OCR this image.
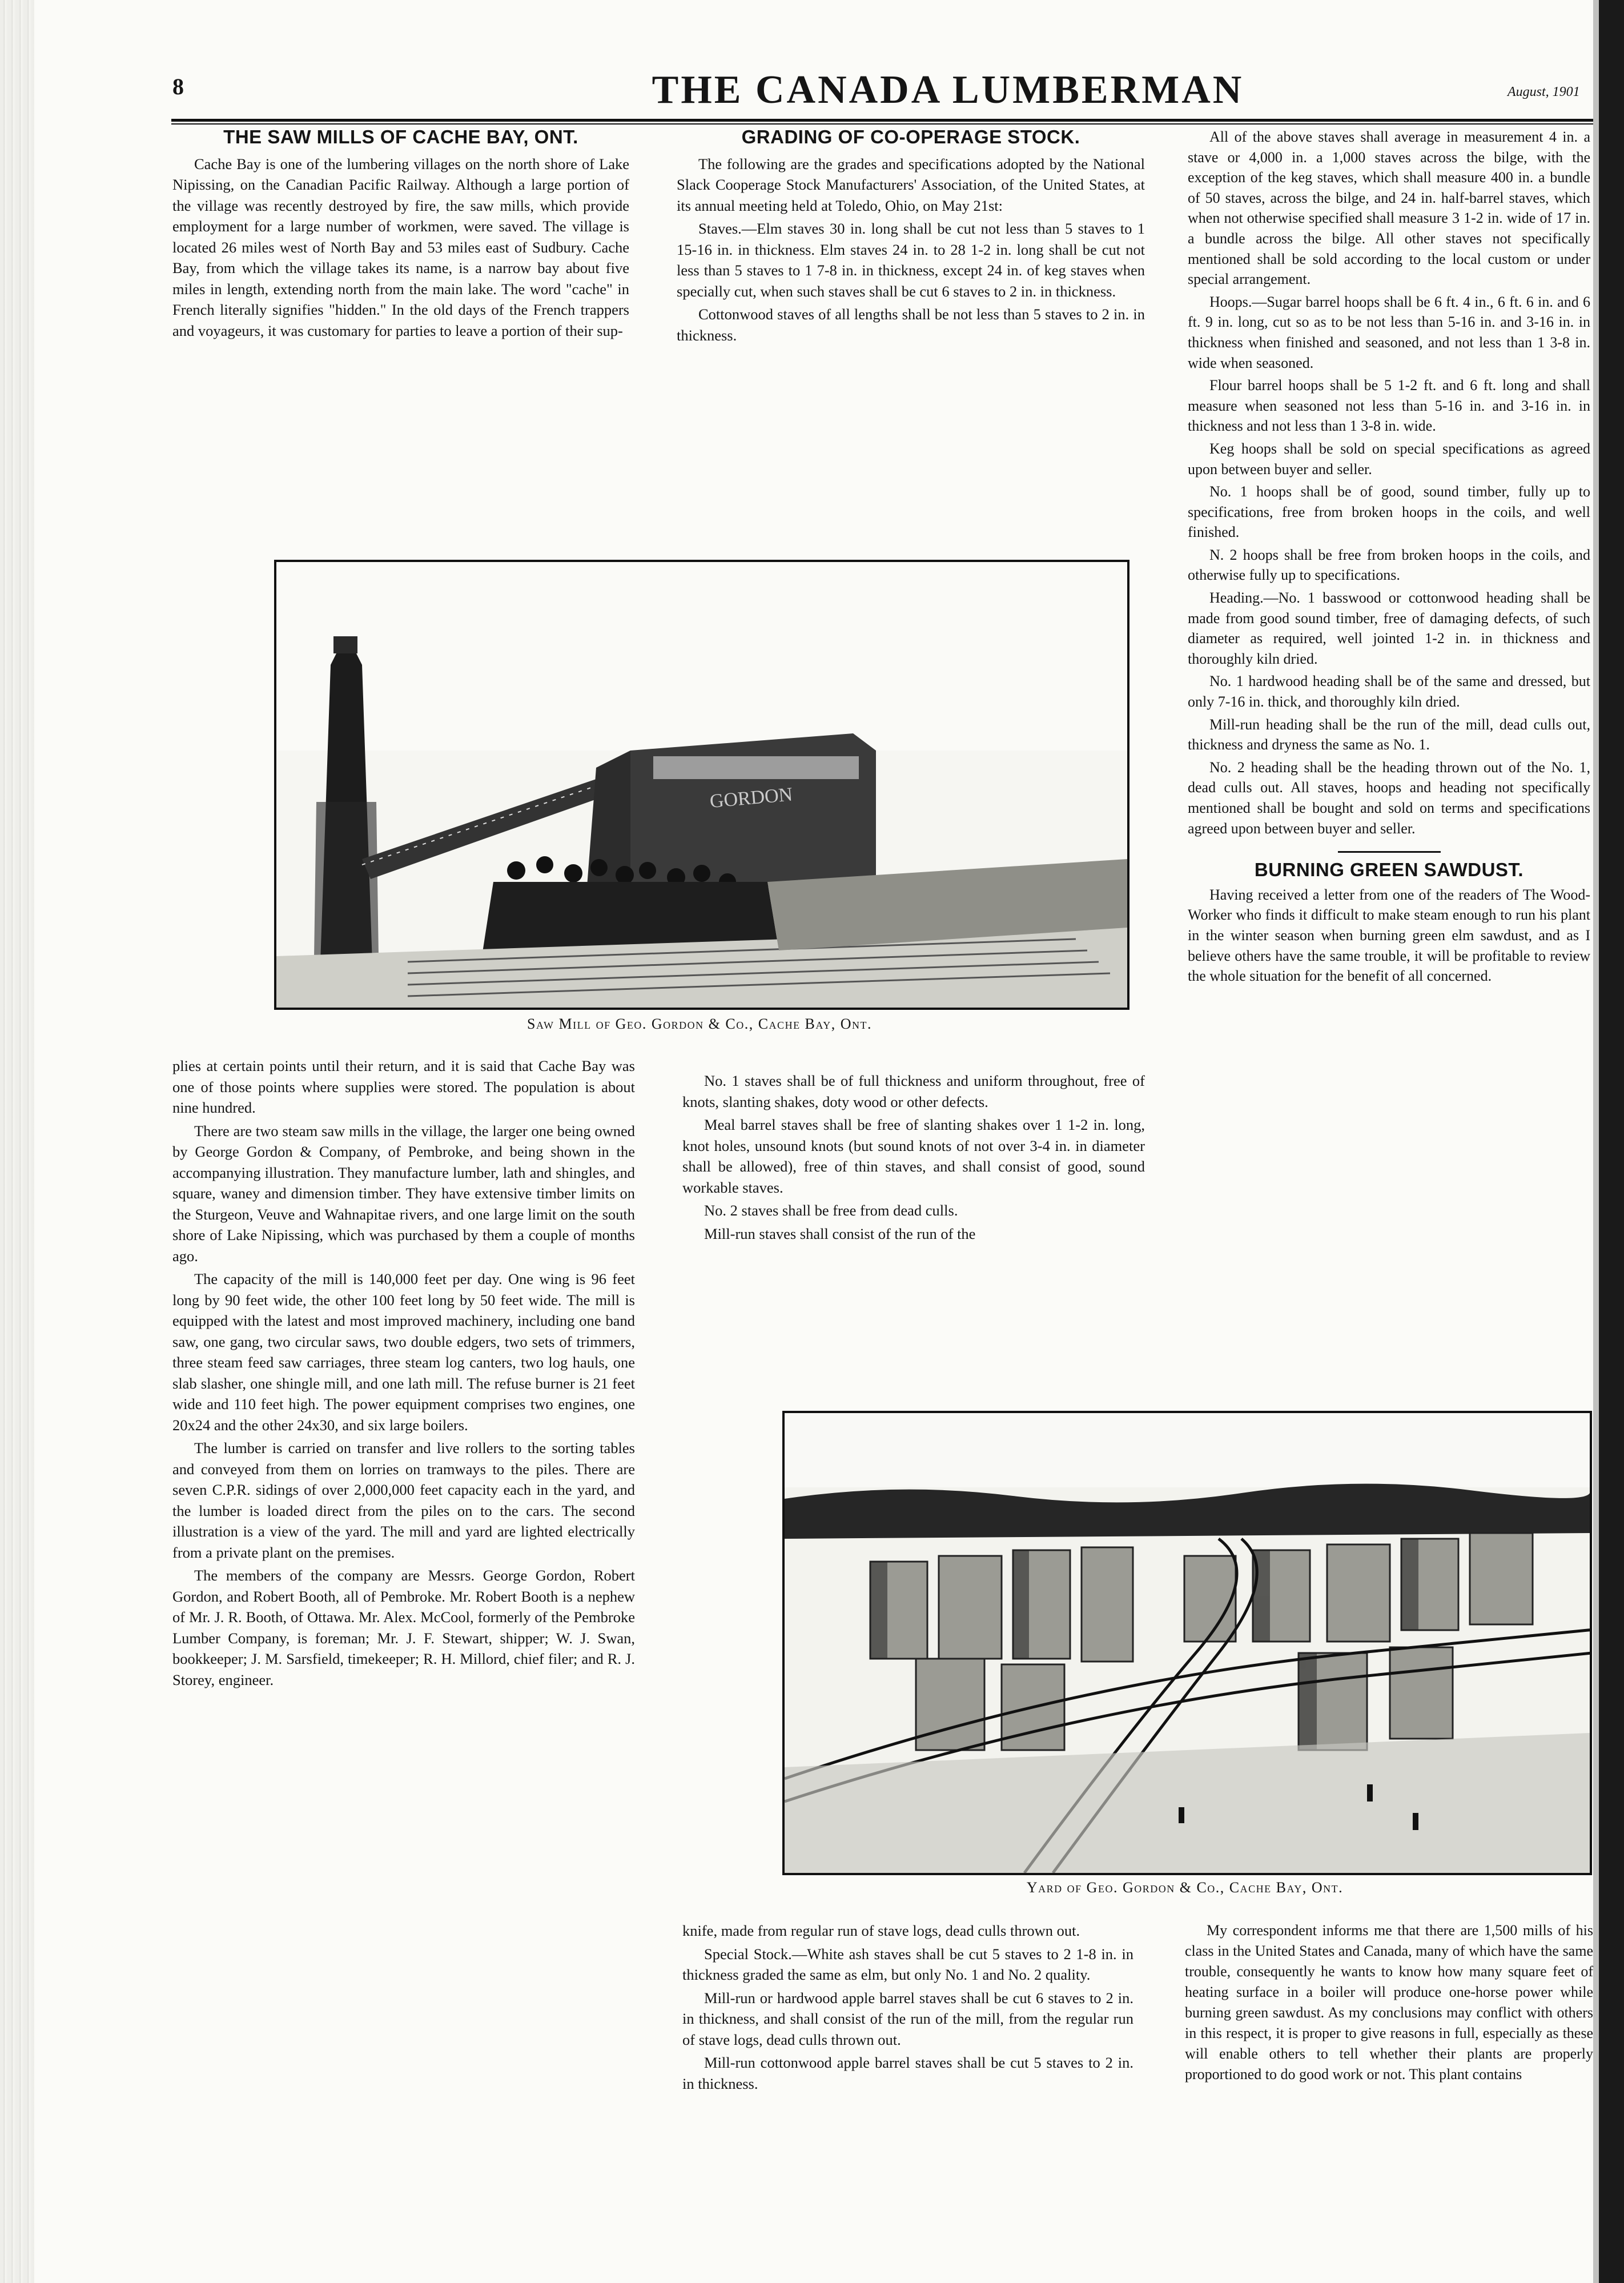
8	THE CANADA LUMBERMAN	August, 1901
THE SAW MILLS OF CACHE BAY, ONT.

Cache Bay is one of the lumbering villages on the north shore of Lake Nipissing, on the Canadian Pacific Railway. Although a large portion of the village was recently destroyed by fire, the saw mills, which provide employment for a large number of workmen, were saved. The village is located 26 miles west of North Bay and 53 miles east of Sudbury. Cache Bay, from which the village takes its name, is a narrow bay about five miles in length, extending north from the main lake. The word "cache" in French literally signifies "hidden." In the old days of the French trappers and voyageurs, it was customary for parties to leave a portion of their sup-

GRADING OF CO-OPERAGE STOCK.

The following are the grades and specifications adopted by the National Slack Cooperage Stock Manufacturers' Association, of the United States, at its annual meeting held at Toledo, Ohio, on May 21st:

Staves.—Elm staves 30 in. long shall be cut not less than 5 staves to 1 15-16 in. in thickness. Elm staves 24 in. to 28 1-2 in. long shall be cut not less than 5 staves to 1 7-8 in. in thickness, except 24 in. of keg staves when specially cut, when such staves shall be cut 6 staves to 2 in. in thickness.

Cottonwood staves of all lengths shall be not less than 5 staves to 2 in. in thickness.

All of the above staves shall average in measurement 4 in. a stave or 4,000 in. a 1,000 staves across the bilge, with the exception of the keg staves, which shall measure 400 in. a bundle of 50 staves, across the bilge, and 24 in. half-barrel staves, which when not otherwise specified shall measure 3 1-2 in. wide of 17 in. a bundle across the bilge. All other staves not specifically mentioned shall be sold according to the local custom or under special arrangement.

Hoops.—Sugar barrel hoops shall be 6 ft. 4 in., 6 ft. 6 in. and 6 ft. 9 in. long, cut so as to be not less than 5-16 in. and 3-16 in. in thickness when finished and seasoned, and not less than 1 3-8 in. wide when seasoned.

Flour barrel hoops shall be 5 1-2 ft. and 6 ft. long and shall measure when seasoned not less than 5-16 in. and 3-16 in. in thickness and not less than 1 3-8 in. wide.

Keg hoops shall be sold on special specifications as agreed upon between buyer and seller.

No. 1 hoops shall be of good, sound timber, fully up to specifications, free from broken hoops in the coils, and well finished.

N. 2 hoops shall be free from broken hoops in the coils, and otherwise fully up to specifications.

Heading.—No. 1 basswood or cottonwood heading shall be made from good sound timber, free of damaging defects, of such diameter as required, well jointed 1-2 in. in thickness and thoroughly kiln dried.

No. 1 hardwood heading shall be of the same and dressed, but only 7-16 in. thick, and thoroughly kiln dried.

Mill-run heading shall be the run of the mill, dead culls out, thickness and dryness the same as No. 1.

No. 2 heading shall be the heading thrown out of the No. 1, dead culls out. All staves, hoops and heading not specifically mentioned shall be bought and sold on terms and specifications agreed upon between buyer and seller.

BURNING GREEN SAWDUST.

Having received a letter from one of the readers of The Wood-Worker who finds it difficult to make steam enough to run his plant in the winter season when burning green elm sawdust, and as I believe others have the same trouble, it will be profitable to review the whole situation for the benefit of all concerned.

GORDON
Saw Mill of Geo. Gordon & Co., Cache Bay, Ont.

plies at certain points until their return, and it is said that Cache Bay was one of those points where supplies were stored. The population is about nine hundred.

There are two steam saw mills in the village, the larger one being owned by George Gordon & Company, of Pembroke, and being shown in the accompanying illustration. They manufacture lumber, lath and shingles, and square, waney and dimension timber. They have extensive timber limits on the Sturgeon, Veuve and Wahnapitae rivers, and one large limit on the south shore of Lake Nipissing, which was purchased by them a couple of months ago.

The capacity of the mill is 140,000 feet per day. One wing is 96 feet long by 90 feet wide, the other 100 feet long by 50 feet wide. The mill is equipped with the latest and most improved machinery, including one band saw, one gang, two circular saws, two double edgers, two sets of trimmers, three steam feed saw carriages, three steam log canters, two log hauls, one slab slasher, one shingle mill, and one lath mill. The refuse burner is 21 feet wide and 110 feet high. The power equipment comprises two engines, one 20x24 and the other 24x30, and six large boilers.

The lumber is carried on transfer and live rollers to the sorting tables and conveyed from them on lorries on tramways to the piles. There are seven C.P.R. sidings of over 2,000,000 feet capacity each in the yard, and the lumber is loaded direct from the piles on to the cars. The second illustration is a view of the yard. The mill and yard are lighted electrically from a private plant on the premises.

The members of the company are Messrs. George Gordon, Robert Gordon, and Robert Booth, all of Pembroke. Mr. Robert Booth is a nephew of Mr. J. R. Booth, of Ottawa. Mr. Alex. McCool, formerly of the Pembroke Lumber Company, is foreman; Mr. J. F. Stewart, shipper; W. J. Swan, bookkeeper; J. M. Sarsfield, timekeeper; R. H. Millord, chief filer; and R. J. Storey, engineer.

No. 1 staves shall be of full thickness and uniform throughout, free of knots, slanting shakes, doty wood or other defects.

Meal barrel staves shall be free of slanting shakes over 1 1-2 in. long, knot holes, unsound knots (but sound knots of not over 3-4 in. in diameter shall be allowed), free of thin staves, and shall consist of good, sound workable staves.

No. 2 staves shall be free from dead culls.

Mill-run staves shall consist of the run of the

Yard of Geo. Gordon & Co., Cache Bay, Ont.

knife, made from regular run of stave logs, dead culls thrown out.

Special Stock.—White ash staves shall be cut 5 staves to 2 1-8 in. in thickness graded the same as elm, but only No. 1 and No. 2 quality.

Mill-run or hardwood apple barrel staves shall be cut 6 staves to 2 in. in thickness, and shall consist of the run of the mill, from the regular run of stave logs, dead culls thrown out.

Mill-run cottonwood apple barrel staves shall be cut 5 staves to 2 in. in thickness.

My correspondent informs me that there are 1,500 mills of his class in the United States and Canada, many of which have the same trouble, consequently he wants to know how many square feet of heating surface in a boiler will produce one-horse power while burning green sawdust. As my conclusions may conflict with others in this respect, it is proper to give reasons in full, especially as these will enable others to tell whether their plants are properly proportioned to do good work or not. This plant contains
